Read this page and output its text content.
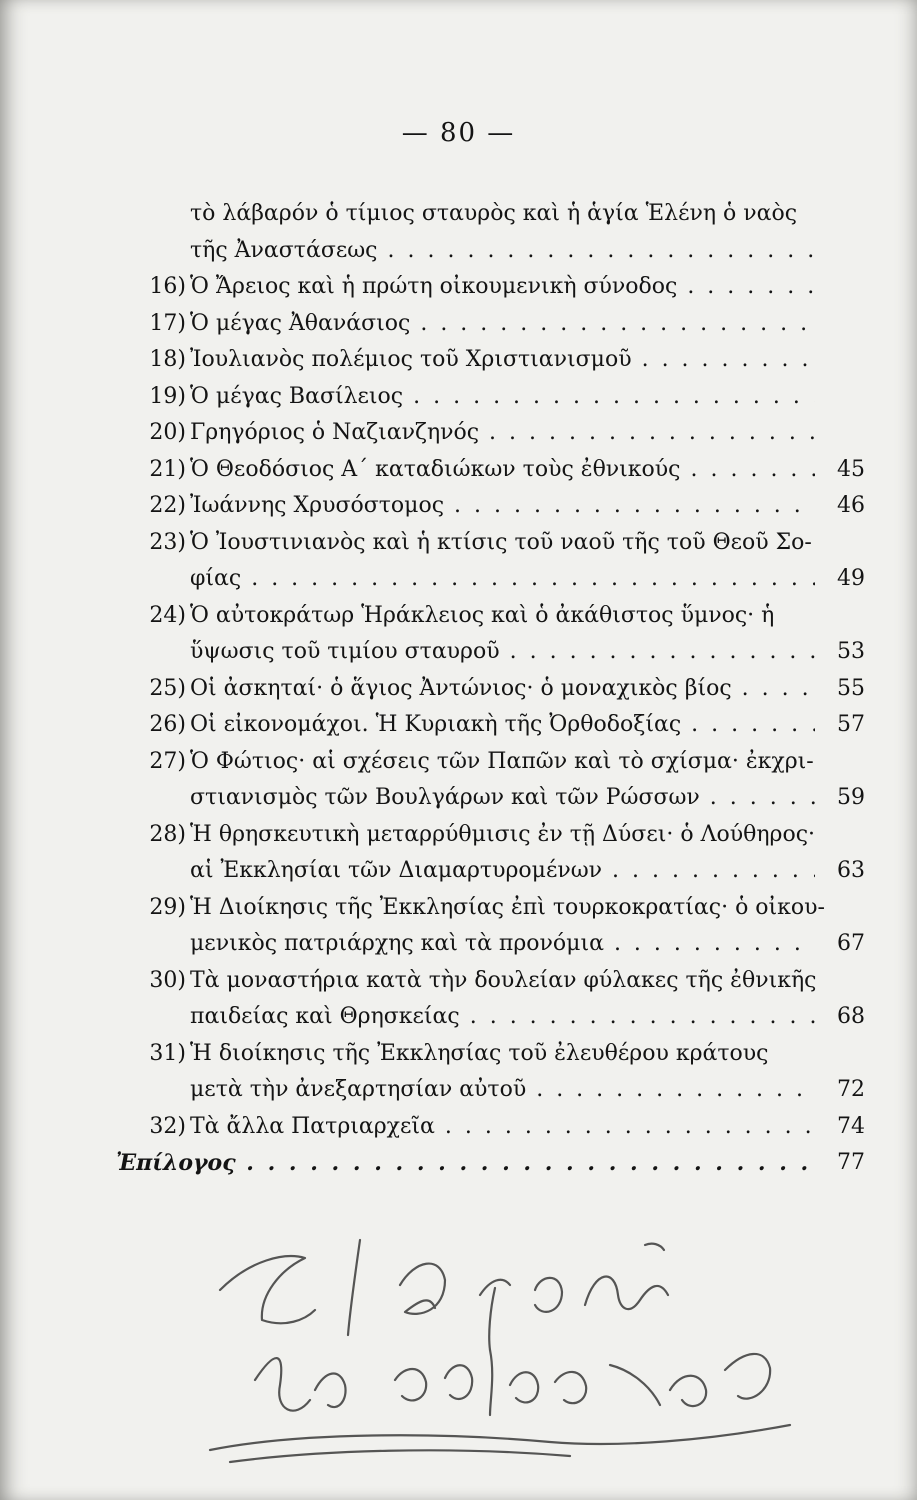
— 80 —
τὸ λάβαρόν ὁ τίμιος σταυρὸς καὶ ἡ ἁγία Ἑλένη ὁ ναὸς
τῆς Ἀναστάσεως . . .
16) Ὁ Ἄρειος καὶ ἡ πρώτη οἰκουμενικὴ σύνοδος . . .
17) Ὁ μέγας Ἀθανάσιος . . .
18) Ἰουλιανὸς πολέμιος τοῦ Χριστιανισμοῦ . . .
19) Ὁ μέγας Βασίλειος . . .
20) Γρηγόριος ὁ Ναζιανζηνός . . .
21) Ὁ Θεοδόσιος Α΄ καταδιώκων τοὺς ἐθνικούς . . .	45
22) Ἰωάννης Χρυσόστομος . . .	46
23) Ὁ Ἰουστινιανὸς καὶ ἡ κτίσις τοῦ ναοῦ τῆς τοῦ Θεοῦ Σο-
φίας . . .	49
24) Ὁ αὐτοκράτωρ Ἡράκλειος καὶ ὁ ἀκάθιστος ὕμνος· ἡ
ὕψωσις τοῦ τιμίου σταυροῦ . . .	53
25) Οἱ ἀσκηταί· ὁ ἅγιος Ἀντώνιος· ὁ μοναχικὸς βίος . . .	55
26) Οἱ εἰκονομάχοι. Ἡ Κυριακὴ τῆς Ὀρθοδοξίας . . .	57
27) Ὁ Φώτιος· αἱ σχέσεις τῶν Παπῶν καὶ τὸ σχίσμα· ἐκχρι-
στιανισμὸς τῶν Βουλγάρων καὶ τῶν Ρώσσων . . .	59
28) Ἡ θρησκευτικὴ μεταρρύθμισις ἐν τῇ Δύσει· ὁ Λούθηρος·
αἱ Ἐκκλησίαι τῶν Διαμαρτυρομένων . . .	63
29) Ἡ Διοίκησις τῆς Ἐκκλησίας ἐπὶ τουρκοκρατίας· ὁ οἰκου-
μενικὸς πατριάρχης καὶ τὰ προνόμια . . .	67
30) Τὰ μοναστήρια κατὰ τὴν δουλείαν φύλακες τῆς ἐθνικῆς
παιδείας καὶ Θρησκείας . . .	68
31) Ἡ διοίκησις τῆς Ἐκκλησίας τοῦ ἐλευθέρου κράτους
μετὰ τὴν ἀνεξαρτησίαν αὐτοῦ . . .	72
32) Τὰ ἄλλα Πατριαρχεῖα . . .	74
Ἐπίλογος . . .	77
